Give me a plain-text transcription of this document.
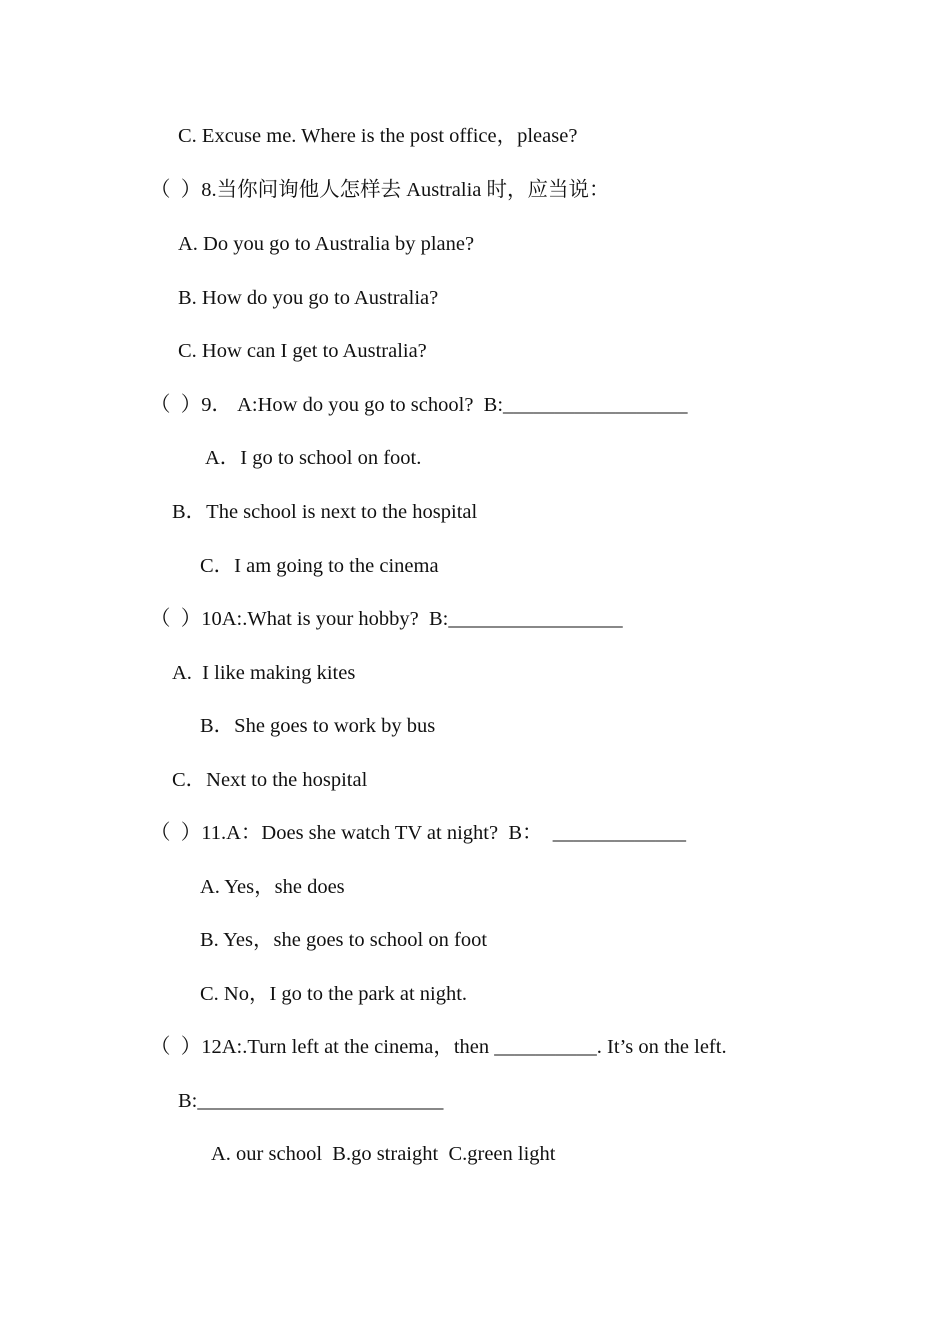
C. Excuse me. Where is the post office，please?
（  ）8.当你问询他人怎样去 Australia 时，应当说：
A. Do you go to Australia by plane?
B. How do you go to Australia?
C. How can I get to Australia?
（  ）9． A:How do you go to school?  B:__________________
A．I go to school on foot.
B．The school is next to the hospital
C．I am going to the cinema
（  ）10A:.What is your hobby?  B:_________________
A.  I like making kites
B．She goes to work by bus
C．Next to the hospital
（  ）11.A：Does she watch TV at night?  B：  _____________
A. Yes，she does
B. Yes，she goes to school on foot
C. No，I go to the park at night.
（  ）12A:.Turn left at the cinema，then __________. It’s on the left.
B:________________________
A. our school  B.go straight  C.green light
